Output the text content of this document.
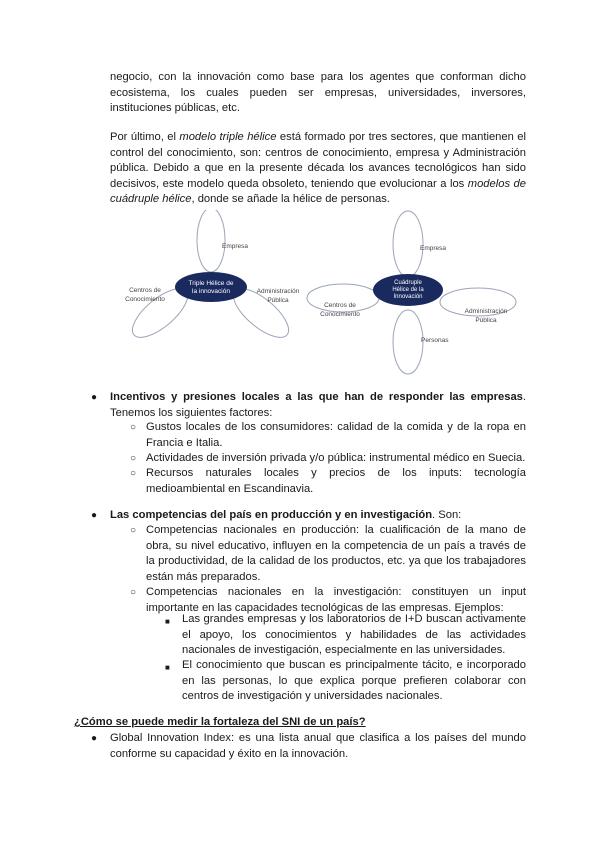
negocio, con la innovación como base para los agentes que conforman dicho ecosistema, los cuales pueden ser empresas, universidades, inversores, instituciones públicas, etc.

Por último, el modelo triple hélice está formado por tres sectores, que mantienen el control del conocimiento, son: centros de conocimiento, empresa y Administración pública. Debido a que en la presente década los avances tecnológicos han sido decisivos, este modelo queda obsoleto, teniendo que evolucionar a los modelos de cuádruple hélice, donde se añade la hélice de personas.

Triple Hélice de
la innovación
Empresa
Centros de
Conocimiento
Administración
Pública
Cuádruple
Hélice de la
Innovación
Empresa
Centros de
Conocimiento	Administración
Pública
Personas
● Incentivos y presiones locales a las que han de responder las empresas. Tenemos los siguientes factores:

○ Gustos locales de los consumidores: calidad de la comida y de la ropa en Francia e Italia.

○ Actividades de inversión privada y/o pública: instrumental médico en Suecia.

○ Recursos naturales locales y precios de los inputs: tecnología medioambiental en Escandinavia.

● Las competencias del país en producción y en investigación. Son:

○ Competencias nacionales en producción: la cualificación de la mano de obra, su nivel educativo, influyen en la competencia de un país a través de la productividad, de la calidad de los productos, etc. ya que los trabajadores están más preparados.

○ Competencias nacionales en la investigación: constituyen un input importante en las capacidades tecnológicas de las empresas. Ejemplos:

■ Las grandes empresas y los laboratorios de I+D buscan activamente el apoyo, los conocimientos y habilidades de las actividades nacionales de investigación, especialmente en las universidades.

■ El conocimiento que buscan es principalmente tácito, e incorporado en las personas, lo que explica porque prefieren colaborar con centros de investigación y universidades nacionales.

¿Cómo se puede medir la fortaleza del SNI de un país?

● Global Innovation Index: es una lista anual que clasifica a los países del mundo conforme su capacidad y éxito en la innovación.
